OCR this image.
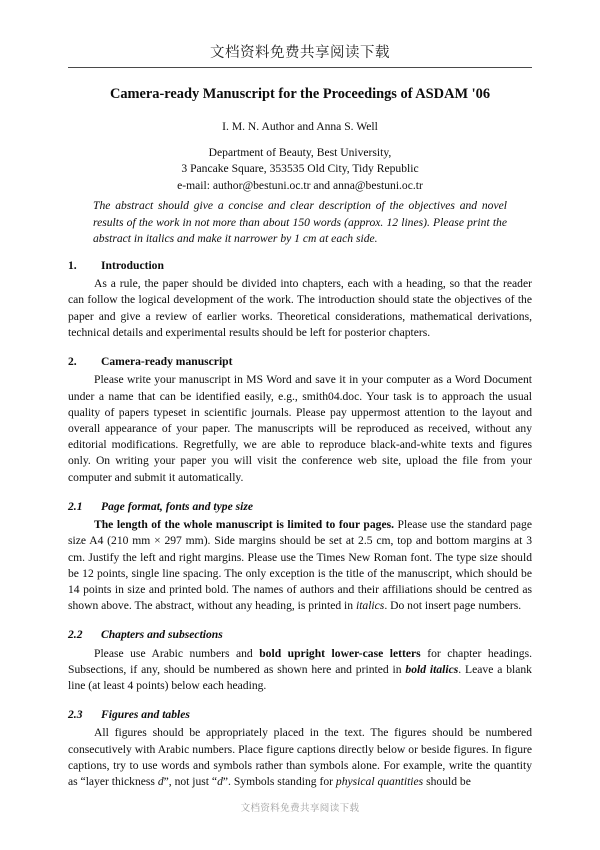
文档资料免费共享阅读下载
Camera-ready Manuscript for the Proceedings of ASDAM '06
I. M. N. Author and Anna S. Well
Department of Beauty, Best University,
3 Pancake Square, 353535 Old City, Tidy Republic
e-mail: author@bestuni.oc.tr and anna@bestuni.oc.tr

The abstract should give a concise and clear description of the objectives and novel results of the work in not more than about 150 words (approx. 12 lines). Please print the abstract in italics and make it narrower by 1 cm at each side.

1.	Introduction

As a rule, the paper should be divided into chapters, each with a heading, so that the reader can follow the logical development of the work. The introduction should state the objectives of the paper and give a review of earlier works. Theoretical considerations, mathematical derivations, technical details and experimental results should be left for posterior chapters.

2.	Camera-ready manuscript

Please write your manuscript in MS Word and save it in your computer as a Word Document under a name that can be identified easily, e.g., smith04.doc. Your task is to approach the usual quality of papers typeset in scientific journals. Please pay uppermost attention to the layout and overall appearance of your paper. The manuscripts will be reproduced as received, without any editorial modifications. Regretfully, we are able to reproduce black-and-white texts and figures only. On writing your paper you will visit the conference web site, upload the file from your computer and submit it automatically.

2.1	Page format, fonts and type size

The length of the whole manuscript is limited to four pages. Please use the standard page size A4 (210 mm × 297 mm). Side margins should be set at 2.5 cm, top and bottom margins at 3 cm. Justify the left and right margins. Please use the Times New Roman font. The type size should be 12 points, single line spacing. The only exception is the title of the manuscript, which should be 14 points in size and printed bold. The names of authors and their affiliations should be centred as shown above. The abstract, without any heading, is printed in italics. Do not insert page numbers.

2.2	Chapters and subsections

Please use Arabic numbers and bold upright lower-case letters for chapter headings. Subsections, if any, should be numbered as shown here and printed in bold italics. Leave a blank line (at least 4 points) below each heading.

2.3	Figures and tables

All figures should be appropriately placed in the text. The figures should be numbered consecutively with Arabic numbers. Place figure captions directly below or beside figures. In figure captions, try to use words and symbols rather than symbols alone. For example, write the quantity as “layer thickness d”, not just “d”. Symbols standing for physical quantities should be

文档资料免费共享阅读下载
